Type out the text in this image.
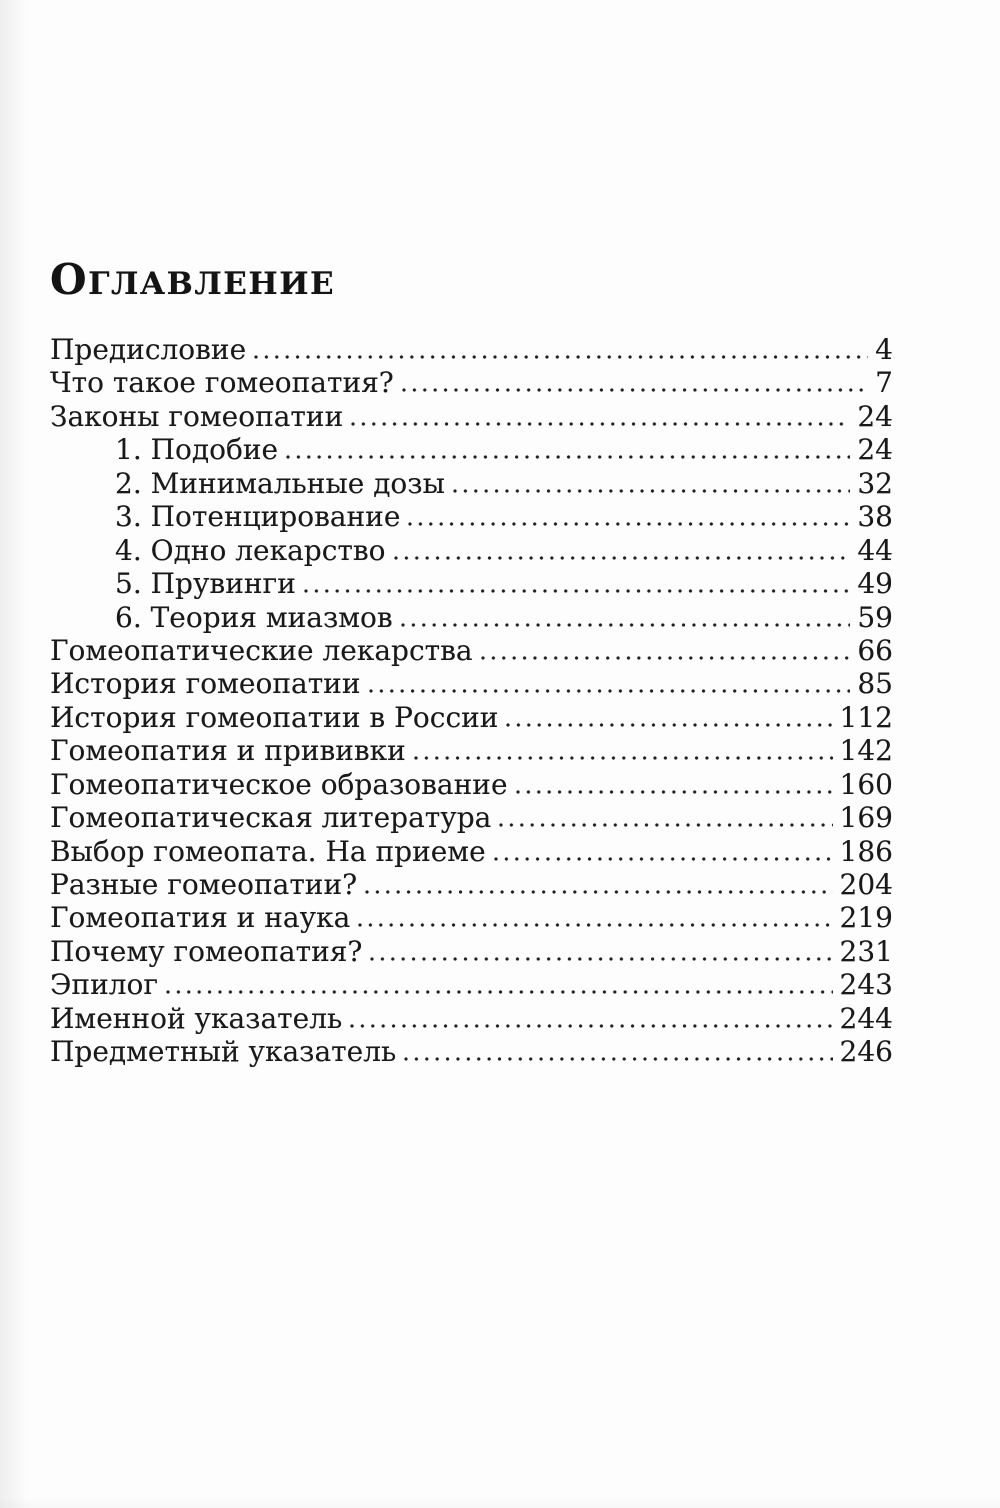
ОГЛАВЛЕНИЕ
Предисловие	4
Что такое гомеопатия?	7
Законы гомеопатии	24
1. Подобие	24
2. Минимальные дозы	32
3. Потенцирование	38
4. Одно лекарство	44
5. Прувинги	49
6. Теория миазмов	59
Гомеопатические лекарства	66
История гомеопатии	85
История гомеопатии в России	112
Гомеопатия и прививки	142
Гомеопатическое образование	160
Гомеопатическая литература	169
Выбор гомеопата. На приеме	186
Разные гомеопатии?	204
Гомеопатия и наука	219
Почему гомеопатия?	231
Эпилог	243
Именной указатель	244
Предметный указатель	246
